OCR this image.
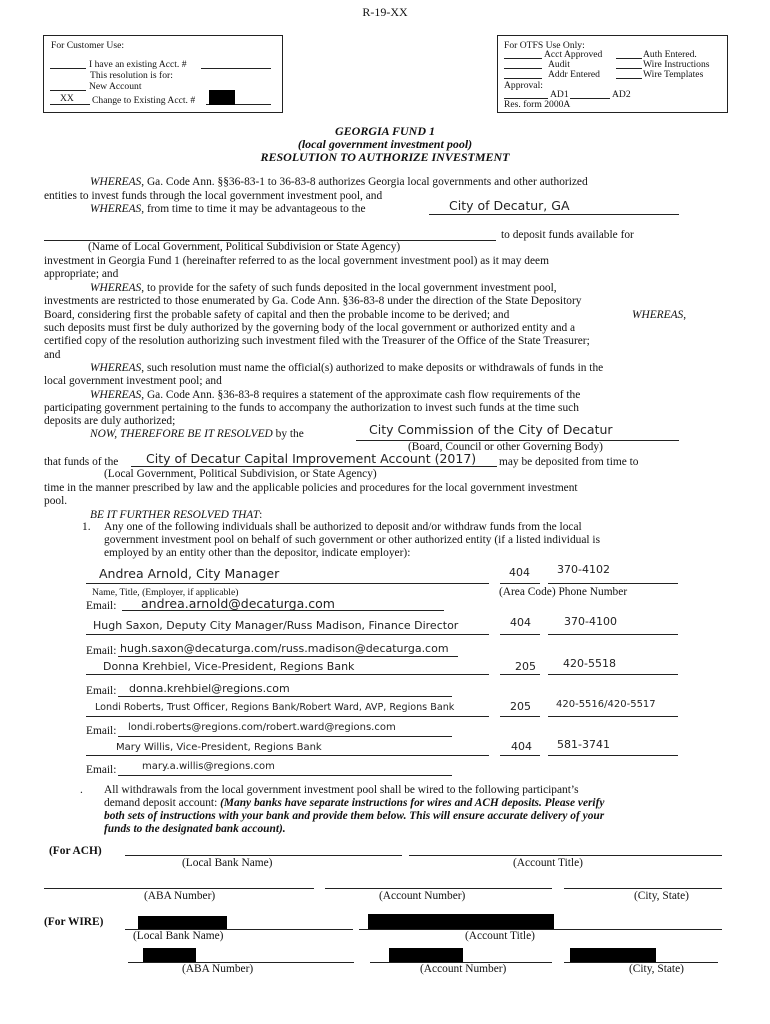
R-19-XX
For Customer Use:
I have an existing Acct. #
This resolution is for:
New Account
XX Change to Existing Acct. #
For OTFS Use Only:
Acct Approved	Auth Entered.
Audit	Wire Instructions
Addr Entered	Wire Templates
Approval:
AD1	AD2
Res. form 2000A
GEORGIA FUND 1
(local government investment pool)
RESOLUTION TO AUTHORIZE INVESTMENT
WHEREAS, Ga. Code Ann. §§36-83-1 to 36-83-8 authorizes Georgia local governments and other authorized
entities to invest funds through the local government investment pool, and
WHEREAS, from time to time it may be advantageous to the	City of Decatur, GA
to deposit funds available for
(Name of Local Government, Political Subdivision or State Agency)
investment in Georgia Fund 1 (hereinafter referred to as the local government investment pool) as it may deem
appropriate; and
WHEREAS, to provide for the safety of such funds deposited in the local government investment pool,
investments are restricted to those enumerated by Ga. Code Ann. §36-83-8 under the direction of the State Depository
Board, considering first the probable safety of capital and then the probable income to be derived; and	WHEREAS,
such deposits must first be duly authorized by the governing body of the local government or authorized entity and a
certified copy of the resolution authorizing such investment filed with the Treasurer of the Office of the State Treasurer;
and
WHEREAS, such resolution must name the official(s) authorized to make deposits or withdrawals of funds in the
local government investment pool; and
WHEREAS, Ga. Code Ann. §36-83-8 requires a statement of the approximate cash flow requirements of the
participating government pertaining to the funds to accompany the authorization to invest such funds at the time such
deposits are duly authorized;
NOW, THEREFORE BE IT RESOLVED by the	City Commission of the City of Decatur
(Board, Council or other Governing Body)
that funds of the City of Decatur Capital Improvement Account (2017) may be deposited from time to
(Local Government, Political Subdivision, or State Agency)
time in the manner prescribed by law and the applicable policies and procedures for the local government investment
pool.
BE IT FURTHER RESOLVED THAT:
1. Any one of the following individuals shall be authorized to deposit and/or withdraw funds from the local
government investment pool on behalf of such government or other authorized entity (if a listed individual is
employed by an entity other than the depositor, indicate employer):
Andrea Arnold, City Manager	404 370-4102
Name, Title, (Employer, if applicable)	(Area Code) Phone Number
Email: andrea.arnold@decaturga.com
Hugh Saxon, Deputy City Manager/Russ Madison, Finance Director	404	370-4100
Email: hugh.saxon@decaturga.com/russ.madison@decaturga.com
Donna Krehbiel, Vice-President, Regions Bank	205 420-5518
Email: donna.krehbiel@regions.com
Londi Roberts, Trust Officer, Regions Bank/Robert Ward, AVP, Regions Bank	205	420-5516/420-5517
Email: londi.roberts@regions.com/robert.ward@regions.com
Mary Willis, Vice-President, Regions Bank	404 581-3741
Email:	mary.a.willis@regions.com
. All withdrawals from the local government investment pool shall be wired to the following participant’s
demand deposit account: (Many banks have separate instructions for wires and ACH deposits. Please verify
both sets of instructions with your bank and provide them below. This will ensure accurate delivery of your
funds to the designated bank account).
(For ACH)
(Local Bank Name)	(Account Title)
(ABA Number)	(Account Number)	(City, State)
(For WIRE)
(Local Bank Name)	(Account Title)
(ABA Number)	(Account Number)	(City, State)
